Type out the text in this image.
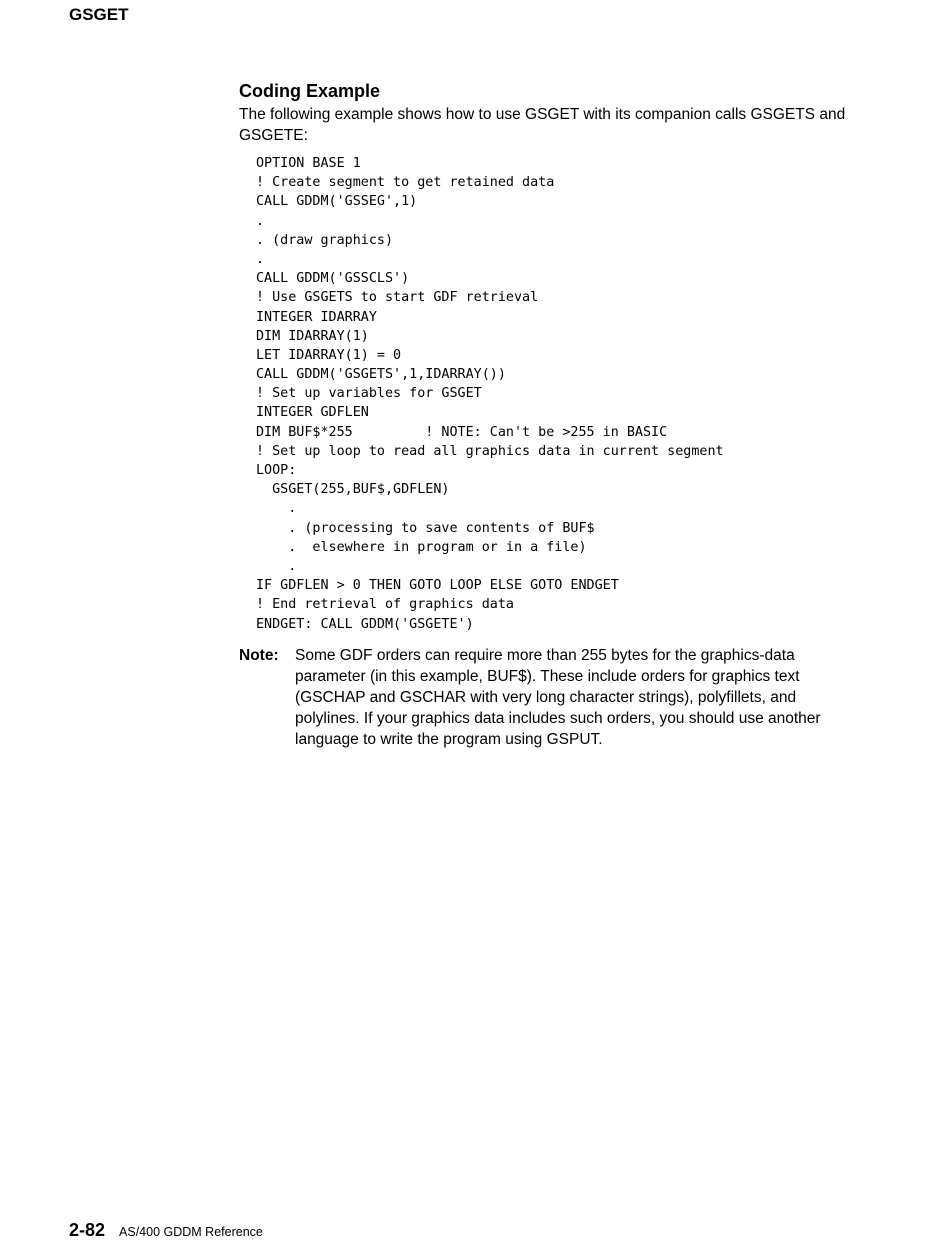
GSGET
Coding Example
The following example shows how to use GSGET with its companion calls GSGETS and GSGETE:
OPTION BASE 1
! Create segment to get retained data
CALL GDDM('GSSEG',1)
.
. (draw graphics)
.
CALL GDDM('GSSCLS')
! Use GSGETS to start GDF retrieval
INTEGER IDARRAY
DIM IDARRAY(1)
LET IDARRAY(1) = 0
CALL GDDM('GSGETS',1,IDARRAY())
! Set up variables for GSGET
INTEGER GDFLEN
DIM BUF$*255         ! NOTE: Can't be >255 in BASIC
! Set up loop to read all graphics data in current segment
LOOP:
GSGET(255,BUF$,GDFLEN)
.
. (processing to save contents of BUF$
.  elsewhere in program or in a file)
.
IF GDFLEN > 0 THEN GOTO LOOP ELSE GOTO ENDGET
! End retrieval of graphics data
ENDGET: CALL GDDM('GSGETE')
Note: Some GDF orders can require more than 255 bytes for the graphics-data parameter (in this example, BUF$). These include orders for graphics text (GSCHAP and GSCHAR with very long character strings), polyfillets, and polylines. If your graphics data includes such orders, you should use another language to write the program using GSPUT.
2-82 AS/400 GDDM Reference
